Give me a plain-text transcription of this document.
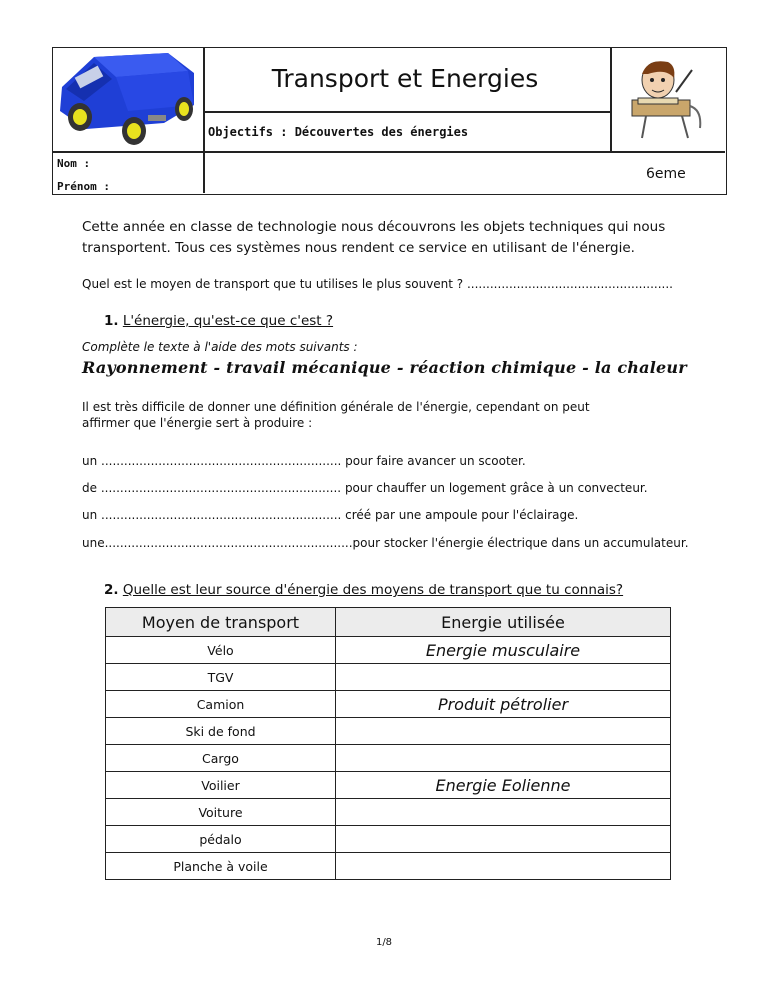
Transport et Energies
Objectifs : Découvertes des énergies
Nom :
Prénom :
6eme
Cette année en classe de technologie nous découvrons les objets techniques qui nous
transportent. Tous ces systèmes nous rendent ce service en utilisant de l'énergie.
Quel est le moyen de transport que tu utilises le plus souvent ? ......................................................
1. L'énergie, qu'est-ce que c'est ?
Complète le texte à l'aide des mots suivants :
Rayonnement - travail mécanique - réaction chimique - la chaleur
Il est très difficile de donner une définition générale de l'énergie, cependant on peut
affirmer que l'énergie sert à produire :
un ............................................................... pour faire avancer un scooter.
de ............................................................... pour chauffer un logement grâce à un convecteur.
un ............................................................... créé par une ampoule pour l'éclairage.
une.................................................................pour stocker l'énergie électrique dans un accumulateur.
2. Quelle est leur source d'énergie des moyens de transport que tu connais?
Moyen de transport	Energie utilisée
Vélo	Energie musculaire
TGV	
Camion	Produit pétrolier
Ski de fond	
Cargo	
Voilier	Energie Eolienne
Voiture	
pédalo	
Planche à voile	
1/8
